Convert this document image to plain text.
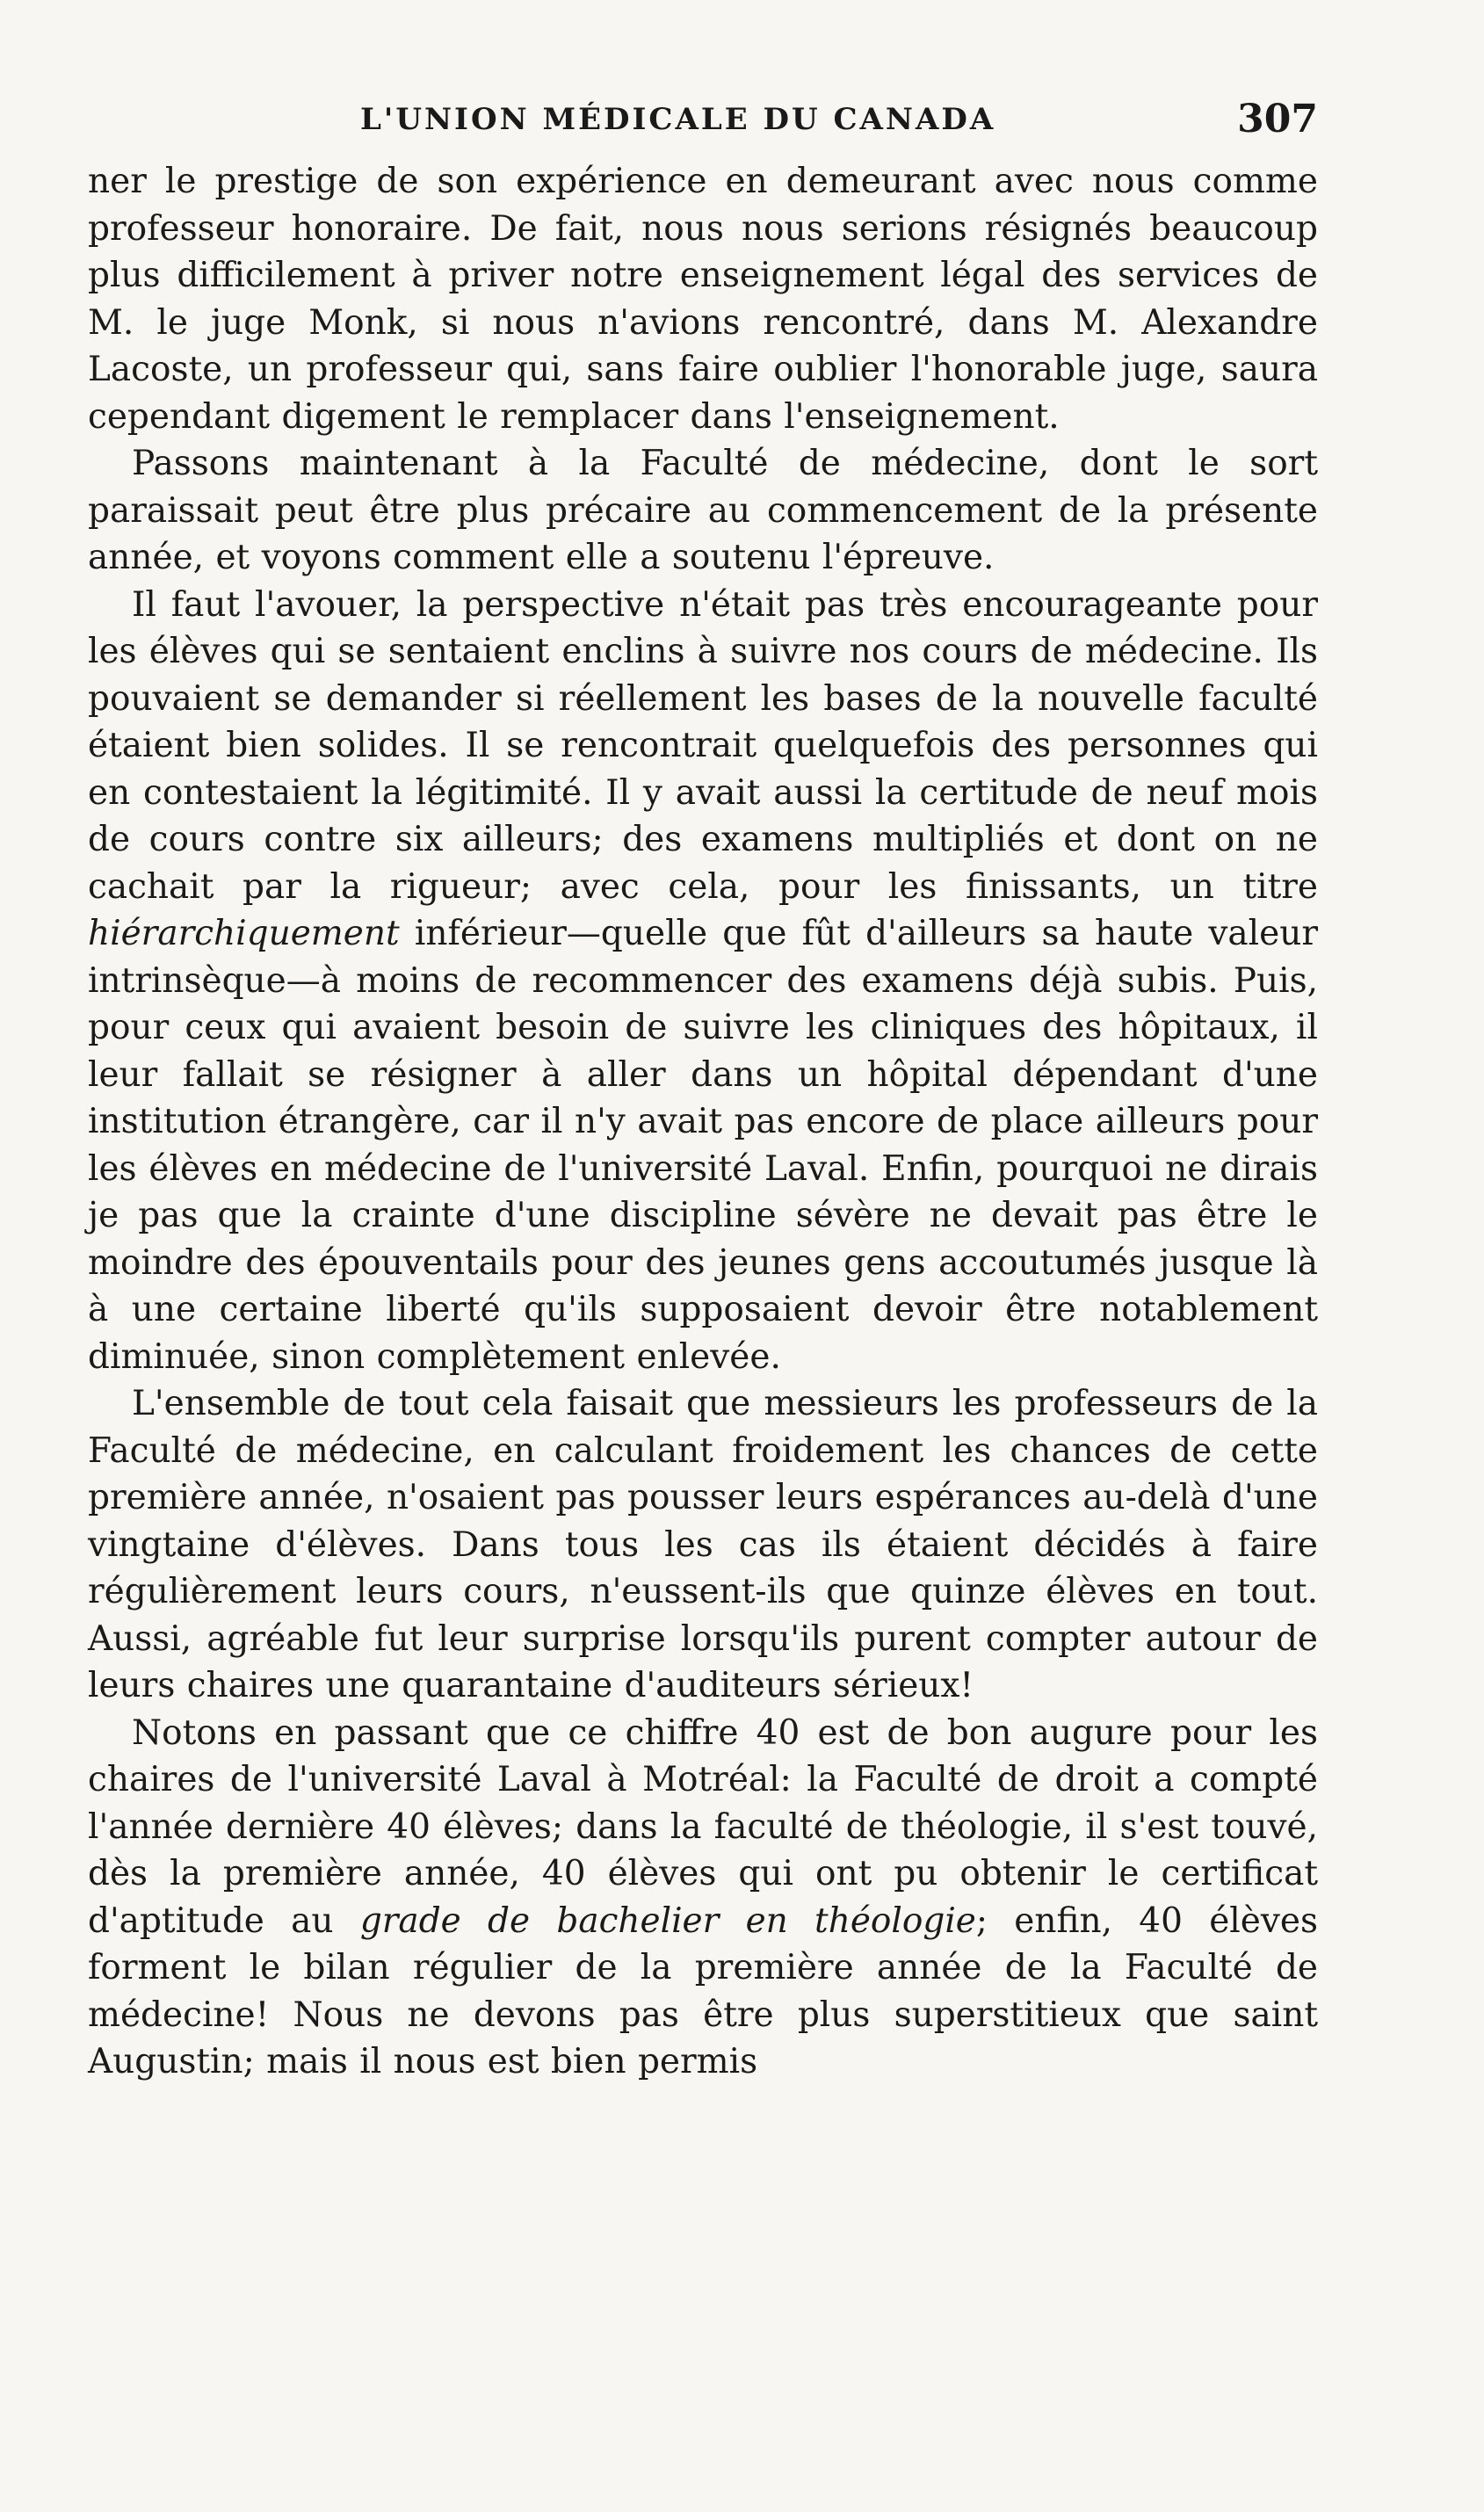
L'UNION MÉDICALE DU CANADA	307

ner le prestige de son expérience en demeurant avec nous comme professeur honoraire. De fait, nous nous serions résignés beaucoup plus difficilement à priver notre enseignement légal des services de M. le juge Monk, si nous n'avions rencontré, dans M. Alexandre Lacoste, un professeur qui, sans faire oublier l'honorable juge, saura cependant digement le remplacer dans l'enseignement.

Passons maintenant à la Faculté de médecine, dont le sort paraissait peut être plus précaire au commencement de la présente année, et voyons comment elle a soutenu l'épreuve.

Il faut l'avouer, la perspective n'était pas très encourageante pour les élèves qui se sentaient enclins à suivre nos cours de médecine. Ils pouvaient se demander si réellement les bases de la nouvelle faculté étaient bien solides. Il se rencontrait quelquefois des personnes qui en contestaient la légitimité. Il y avait aussi la certitude de neuf mois de cours contre six ailleurs; des examens multipliés et dont on ne cachait par la rigueur; avec cela, pour les finissants, un titre hiérarchiquement inférieur—quelle que fût d'ailleurs sa haute valeur intrinsèque—à moins de recommencer des examens déjà subis. Puis, pour ceux qui avaient besoin de suivre les cliniques des hôpitaux, il leur fallait se résigner à aller dans un hôpital dépendant d'une institution étrangère, car il n'y avait pas encore de place ailleurs pour les élèves en médecine de l'université Laval. Enfin, pourquoi ne dirais je pas que la crainte d'une discipline sévère ne devait pas être le moindre des épouventails pour des jeunes gens accoutumés jusque là à une certaine liberté qu'ils supposaient devoir être notablement diminuée, sinon complètement enlevée.

L'ensemble de tout cela faisait que messieurs les professeurs de la Faculté de médecine, en calculant froidement les chances de cette première année, n'osaient pas pousser leurs espérances au-delà d'une vingtaine d'élèves. Dans tous les cas ils étaient décidés à faire régulièrement leurs cours, n'eussent-ils que quinze élèves en tout. Aussi, agréable fut leur surprise lorsqu'ils purent compter autour de leurs chaires une quarantaine d'auditeurs sérieux!

Notons en passant que ce chiffre 40 est de bon augure pour les chaires de l'université Laval à Motréal: la Faculté de droit a compté l'année dernière 40 élèves; dans la faculté de théologie, il s'est touvé, dès la première année, 40 élèves qui ont pu obtenir le certificat d'aptitude au grade de bachelier en théologie; enfin, 40 élèves forment le bilan régulier de la première année de la Faculté de médecine! Nous ne devons pas être plus superstitieux que saint Augustin; mais il nous est bien permis
